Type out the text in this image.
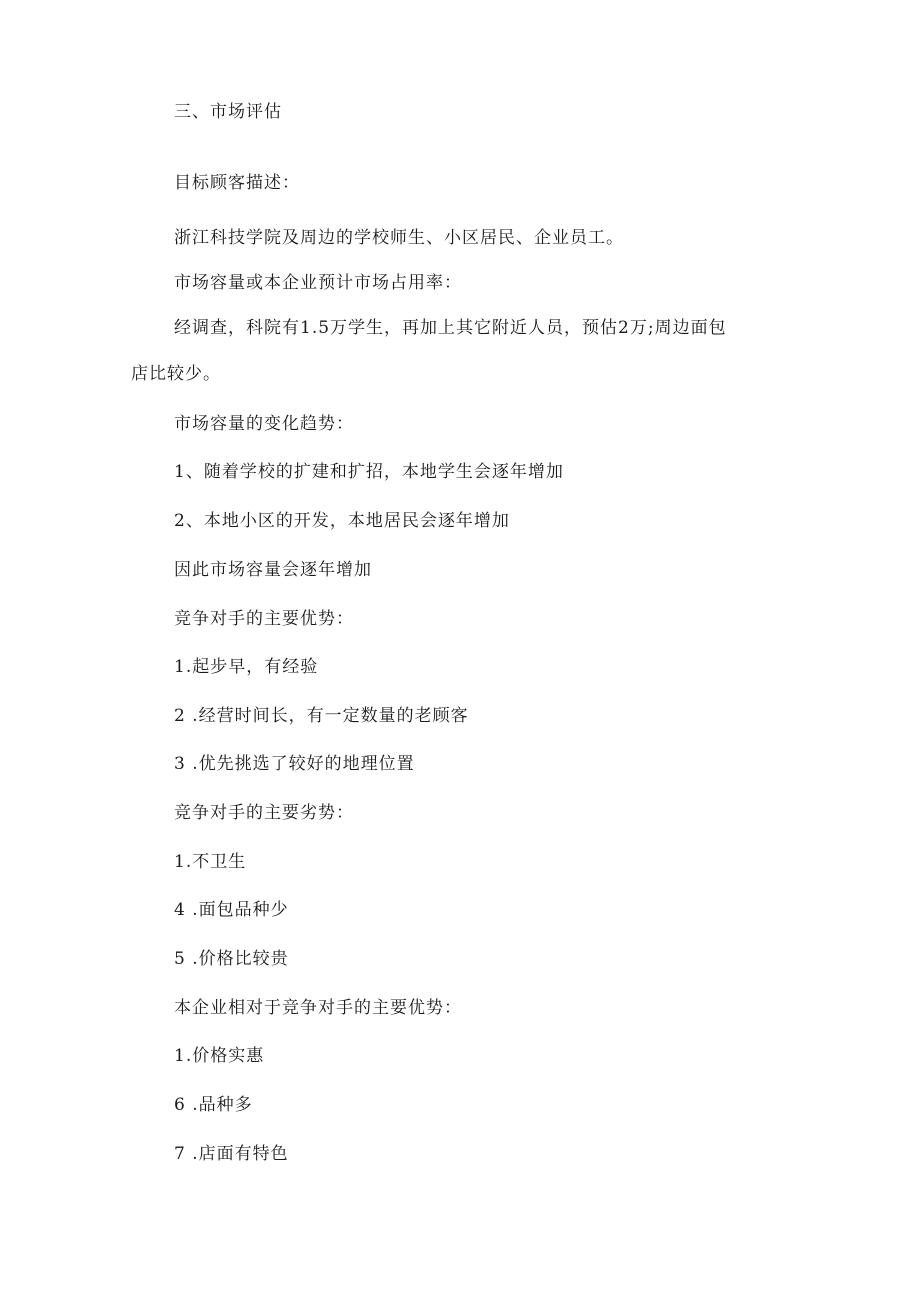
三、市场评估
目标顾客描述：
浙江科技学院及周边的学校师生、小区居民、企业员工。
市场容量或本企业预计市场占用率：
经调查，科院有1.5万学生，再加上其它附近人员，预估2万;周边面包
店比较少。
市场容量的变化趋势：
1、随着学校的扩建和扩招，本地学生会逐年增加
2、本地小区的开发，本地居民会逐年增加
因此市场容量会逐年增加
竞争对手的主要优势：
1.起步早，有经验
2 .经营时间长，有一定数量的老顾客
3 .优先挑选了较好的地理位置
竞争对手的主要劣势：
1.不卫生
4 .面包品种少
5 .价格比较贵
本企业相对于竞争对手的主要优势：
1.价格实惠
6 .品种多
7 .店面有特色
